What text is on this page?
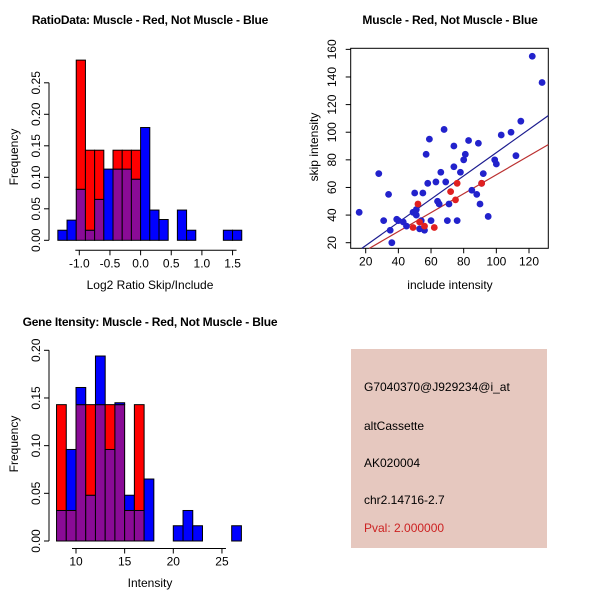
RatioData: Muscle - Red, Not Muscle - Blue
Frequency
0.00
0.05
0.10
0.15
0.20
0.25
-1.0 -0.5 0.0 0.5 1.0 1.5
Log2 Ratio Skip/Include
Muscle - Red, Not Muscle - Blue
skip intensity
20 40 60 80 100 120
20
40
60
80
100
120
140
160
include intensity
Gene Itensity: Muscle - Red, Not Muscle - Blue
Frequency
0.00
0.05
0.10
0.15
0.20
10	15	20	25
Intensity
G7040370@J929234@i_at
altCassette
AK020004
chr2.14716-2.7
Pval: 2.000000
